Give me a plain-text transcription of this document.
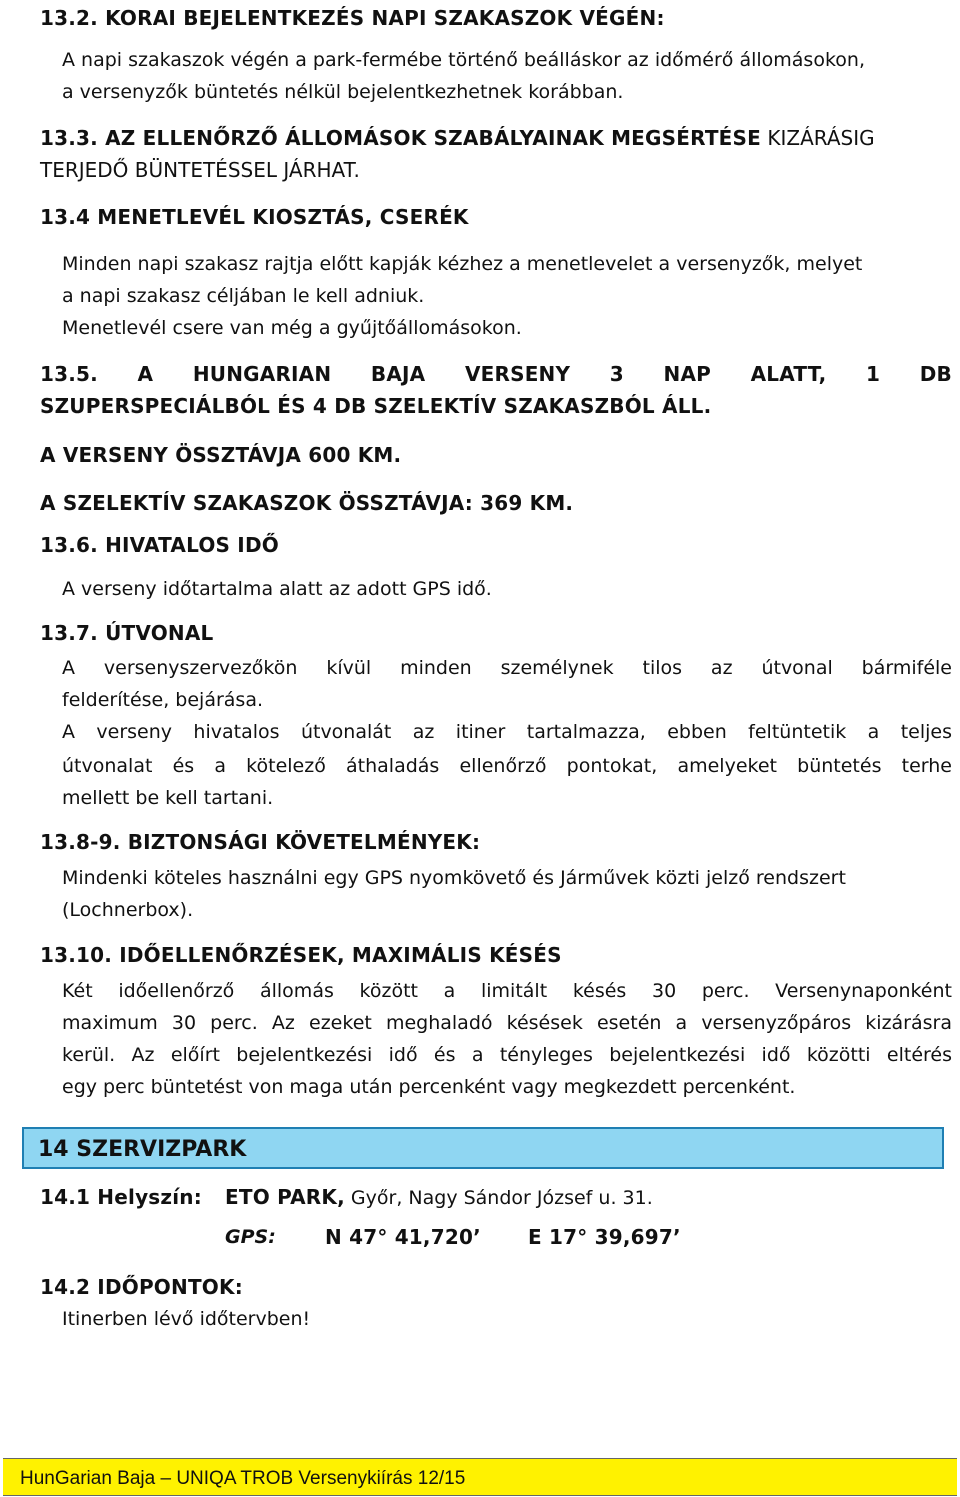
13.2. KORAI BEJELENTKEZÉS NAPI SZAKASZOK VÉGÉN:
A napi szakaszok végén a park-fermébe történő beálláskor az időmérő állomásokon,
a versenyzők büntetés nélkül bejelentkezhetnek korábban.
13.3. AZ ELLENŐRZŐ ÁLLOMÁSOK SZABÁLYAINAK MEGSÉRTÉSE KIZÁRÁSIG
TERJEDŐ BÜNTETÉSSEL JÁRHAT.
13.4 MENETLEVÉL KIOSZTÁS, CSERÉK
Minden napi szakasz rajtja előtt kapják kézhez a menetlevelet a versenyzők, melyet
a napi szakasz céljában le kell adniuk.
Menetlevél csere van még a gyűjtőállomásokon.
13.5. A HUNGARIAN BAJA VERSENY 3 NAP ALATT, 1 DB
SZUPERSPECIÁLBÓL ÉS 4 DB SZELEKTÍV SZAKASZBÓL ÁLL.
A VERSENY ÖSSZTÁVJA 600 KM.
A SZELEKTÍV SZAKASZOK ÖSSZTÁVJA: 369 KM.
13.6. HIVATALOS IDŐ
A verseny időtartalma alatt az adott GPS idő.
13.7. ÚTVONAL
A versenyszervezőkön kívül minden személynek tilos az útvonal bármiféle
felderítése, bejárása.
A verseny hivatalos útvonalát az itiner tartalmazza, ebben feltüntetik a teljes
útvonalat és a kötelező áthaladás ellenőrző pontokat, amelyeket büntetés terhe
mellett be kell tartani.
13.8-9. BIZTONSÁGI KÖVETELMÉNYEK:
Mindenki köteles használni egy GPS nyomkövető és Járművek közti jelző rendszert
(Lochnerbox).
13.10. IDŐELLENŐRZÉSEK, MAXIMÁLIS KÉSÉS
Két időellenőrző állomás között a limitált késés 30 perc. Versenynaponként
maximum 30 perc. Az ezeket meghaladó késések esetén a versenyzőpáros kizárásra
kerül. Az előírt bejelentkezési idő és a tényleges bejelentkezési idő közötti eltérés
egy perc büntetést von maga után percenként vagy megkezdett percenként.
14 SZERVIZPARK
14.1 Helyszín: ETO PARK, Győr, Nagy Sándor József u. 31.
GPS: N 47° 41,720’ E 17° 39,697’
14.2 IDŐPONTOK:
Itinerben lévő időtervben!
HunGarian Baja – UNIQA TROB Versenykiírás 12/15
